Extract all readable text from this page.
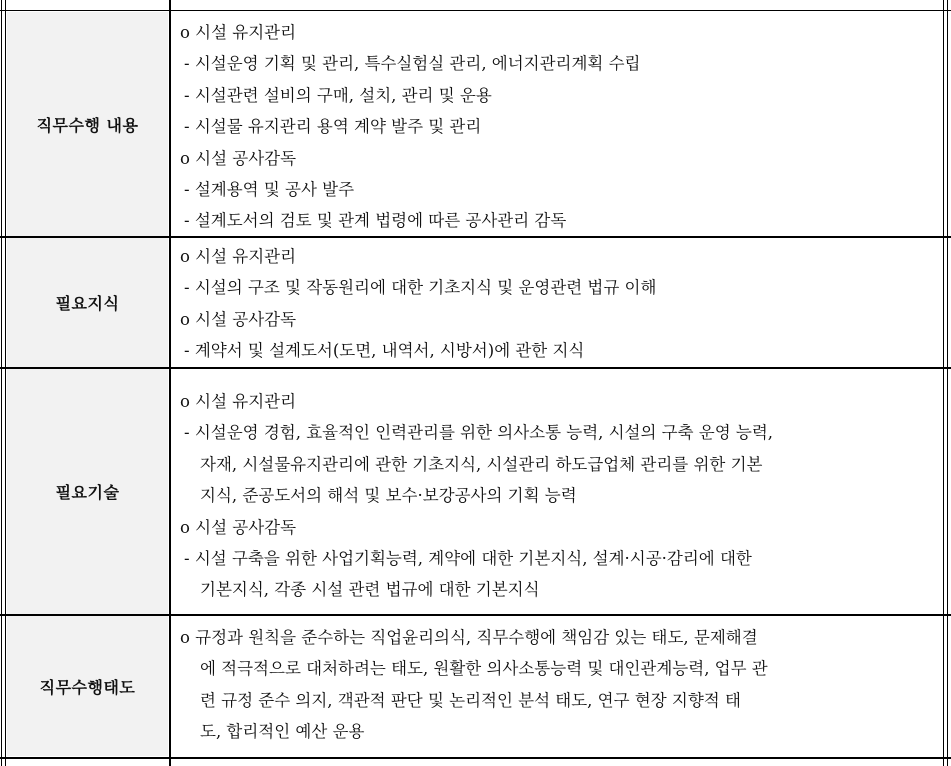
직무수행 내용
o 시설 유지관리
- 시설운영 기획 및 관리, 특수실험실 관리, 에너지관리계획 수립
- 시설관련 설비의 구매, 설치, 관리 및 운용
- 시설물 유지관리 용역 계약 발주 및 관리
o 시설 공사감독
- 설계용역 및 공사 발주
- 설계도서의 검토 및 관계 법령에 따른 공사관리 감독
필요지식
o 시설 유지관리
- 시설의 구조 및 작동원리에 대한 기초지식 및 운영관련 법규 이해
o 시설 공사감독
- 계약서 및 설계도서(도면, 내역서, 시방서)에 관한 지식
필요기술
o 시설 유지관리
- 시설운영 경험, 효율적인 인력관리를 위한 의사소통 능력, 시설의 구축 운영 능력,
자재, 시설물유지관리에 관한 기초지식, 시설관리 하도급업체 관리를 위한 기본
지식, 준공도서의 해석 및 보수·보강공사의 기획 능력
o 시설 공사감독
- 시설 구축을 위한 사업기획능력, 계약에 대한 기본지식, 설계·시공·감리에 대한
기본지식, 각종 시설 관련 법규에 대한 기본지식
직무수행태도
o 규정과 원칙을 준수하는 직업윤리의식, 직무수행에 책임감 있는 태도, 문제해결
에 적극적으로 대처하려는 태도, 원활한 의사소통능력 및 대인관계능력, 업무 관
련 규정 준수 의지, 객관적 판단 및 논리적인 분석 태도, 연구 현장 지향적 태
도, 합리적인 예산 운용
